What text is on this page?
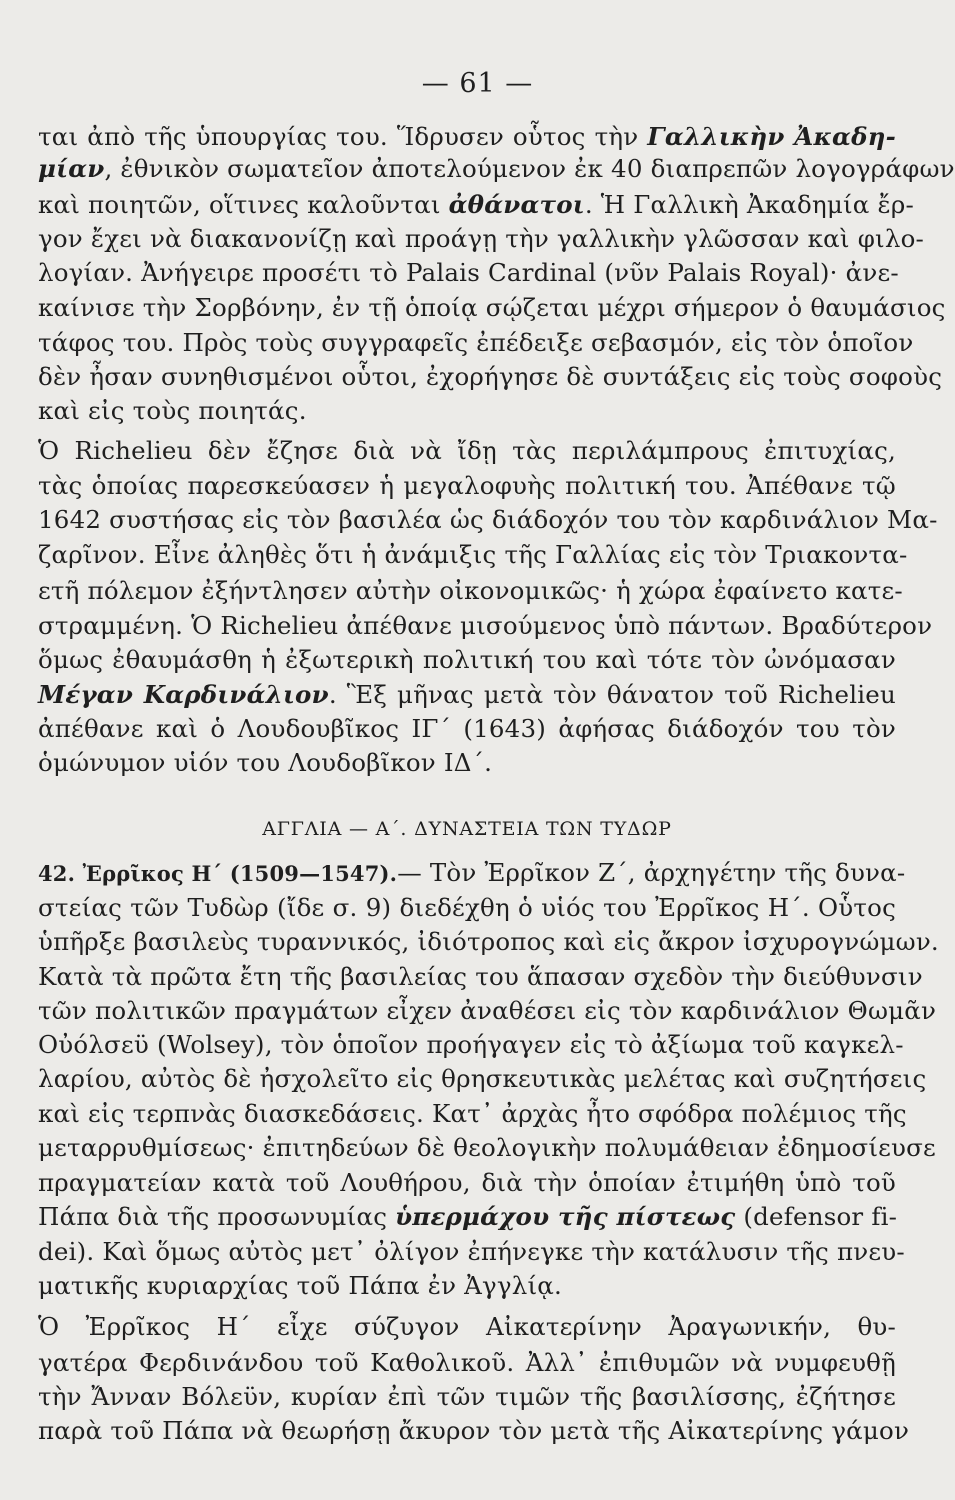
— 61 —
ται ἀπὸ τῆς ὑπουργίας του. Ἵδρυσεν οὗτος τὴν Γαλλικὴν Ἀκαδη-
μίαν, ἐθνικὸν σωματεῖον ἀποτελούμενον ἐκ 40 διαπρεπῶν λογογράφων
καὶ ποιητῶν, οἵτινες καλοῦνται ἀθάνατοι. Ἡ Γαλλικὴ Ἀκαδημία ἔρ-
γον ἔχει νὰ διακανονίζῃ καὶ προάγῃ τὴν γαλλικὴν γλῶσσαν καὶ φιλο-
λογίαν. Ἀνήγειρε προσέτι τὸ Palais Cardinal (νῦν Palais Royal)· ἀνε-
καίνισε τὴν Σορβόνην, ἐν τῇ ὁποίᾳ σῴζεται μέχρι σήμερον ὁ θαυμάσιος
τάφος του. Πρὸς τοὺς συγγραφεῖς ἐπέδειξε σεβασμόν, εἰς τὸν ὁποῖον
δὲν ἦσαν συνηθισμένοι οὗτοι, ἐχορήγησε δὲ συντάξεις εἰς τοὺς σοφοὺς
καὶ εἰς τοὺς ποιητάς.
Ὁ Richelieu δὲν ἔζησε διὰ νὰ ἴδῃ τὰς περιλάμπρους ἐπιτυχίας,
τὰς ὁποίας παρεσκεύασεν ἡ μεγαλοφυὴς πολιτική του. Ἀπέθανε τῷ
1642 συστήσας εἰς τὸν βασιλέα ὡς διάδοχόν του τὸν καρδινάλιον Μα-
ζαρῖνον. Εἶνε ἀληθὲς ὅτι ἡ ἀνάμιξις τῆς Γαλλίας εἰς τὸν Τριακοντα-
ετῆ πόλεμον ἐξήντλησεν αὐτὴν οἰκονομικῶς· ἡ χώρα ἐφαίνετο κατε-
στραμμένη. Ὁ Richelieu ἀπέθανε μισούμενος ὑπὸ πάντων. Βραδύτερον
ὅμως ἐθαυμάσθη ἡ ἐξωτερικὴ πολιτική του καὶ τότε τὸν ὠνόμασαν
Μέγαν Καρδινάλιον. Ἓξ μῆνας μετὰ τὸν θάνατον τοῦ Richelieu
ἀπέθανε καὶ ὁ Λουδουβῖκος ΙΓ΄ (1643) ἀφήσας διάδοχόν του τὸν
ὁμώνυμον υἱόν του Λουδοβῖκον ΙΔ΄.
ΑΓΓΛΙΑ — Α΄. ΔΥΝΑΣΤΕΙΑ ΤΩΝ ΤΥΔΩΡ
42. Ἐρρῖκος Η΄ (1509—1547).— Τὸν Ἐρρῖκον Ζ΄, ἀρχηγέτην τῆς δυνα-
στείας τῶν Τυδὼρ (ἴδε σ. 9) διεδέχθη ὁ υἱός του Ἐρρῖκος Η΄. Οὗτος
ὑπῆρξε βασιλεὺς τυραννικός, ἰδιότροπος καὶ εἰς ἄκρον ἰσχυρογνώμων.
Κατὰ τὰ πρῶτα ἔτη τῆς βασιλείας του ἅπασαν σχεδὸν τὴν διεύθυνσιν
τῶν πολιτικῶν πραγμάτων εἶχεν ἀναθέσει εἰς τὸν καρδινάλιον Θωμᾶν
Οὐόλσεϋ (Wolsey), τὸν ὁποῖον προήγαγεν εἰς τὸ ἀξίωμα τοῦ καγκελ-
λαρίου, αὐτὸς δὲ ἠσχολεῖτο εἰς θρησκευτικὰς μελέτας καὶ συζητήσεις
καὶ εἰς τερπνὰς διασκεδάσεις. Κατ᾽ ἀρχὰς ἦτο σφόδρα πολέμιος τῆς
μεταρρυθμίσεως· ἐπιτηδεύων δὲ θεολογικὴν πολυμάθειαν ἐδημοσίευσε
πραγματείαν κατὰ τοῦ Λουθήρου, διὰ τὴν ὁποίαν ἐτιμήθη ὑπὸ τοῦ
Πάπα διὰ τῆς προσωνυμίας ὑπερμάχου τῆς πίστεως (defensor fi-
dei). Καὶ ὅμως αὐτὸς μετ᾽ ὀλίγον ἐπήνεγκε τὴν κατάλυσιν τῆς πνευ-
ματικῆς κυριαρχίας τοῦ Πάπα ἐν Ἀγγλίᾳ.
Ὁ Ἐρρῖκος Η΄ εἶχε σύζυγον Αἰκατερίνην Ἀραγωνικήν, θυ-
γατέρα Φερδινάνδου τοῦ Καθολικοῦ. Ἀλλ᾽ ἐπιθυμῶν νὰ νυμφευθῇ
τὴν Ἄνναν Βόλεϋν, κυρίαν ἐπὶ τῶν τιμῶν τῆς βασιλίσσης, ἐζήτησε
παρὰ τοῦ Πάπα νὰ θεωρήσῃ ἄκυρον τὸν μετὰ τῆς Αἰκατερίνης γάμον
